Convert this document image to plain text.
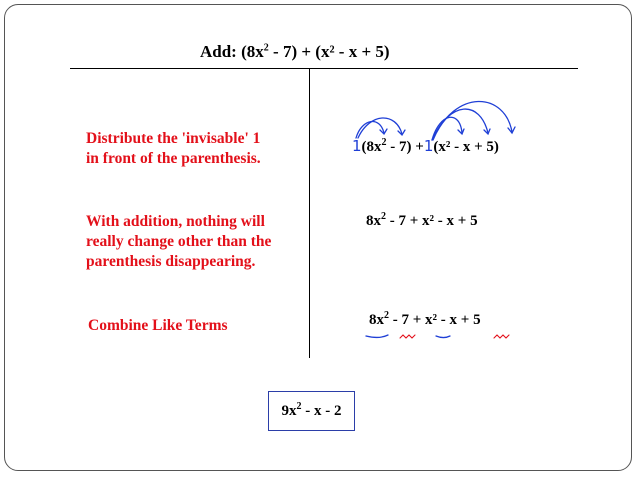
Add: $(8x^2 - 7) + (x^2 - x + 5)$
Distribute the 'invisable' 1
in front of the parenthesis.
$1(8x^2 - 7) +1(x^2 - x + 5)$
With addition, nothing will
really change other than the
parenthesis disappearing.
$8x^2 - 7 + x^2 - x + 5$
Combine Like Terms	$8x^2 - 7 + x^2 - x + 5$
$9x^2$ - x - 2
